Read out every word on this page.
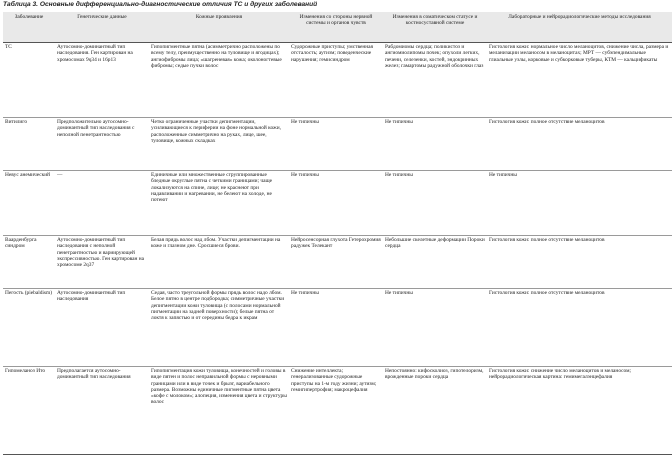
Таблица 3. Основные дифференциально-диагностические отличия ТС и других заболеваний
Заболевание	Генетические данные	Кожные проявления	Изменения со стороны нервной системы и органов чувств	Изменения в соматическом статусе и костносуставной системе	Лабораторные и нейрорадиологические методы исследования
ТС	Аутосомно-доминантный тип наследования. Ген картирован на хромосомах 9q34 и 16p13	Гипопигментные пятна (асимметрично расположены по всему телу, преимущественно на туловище и ягодицах); ангиофибромы лица; «шагреневая» кожа; околоногтевые фибромы; седые пучки волос	Судорожные приступы; умственная отсталость; аутизм; поведенческие нарушения; гемисиндром	Рабдомиомы сердца; поликистоз и ангиомиолипомы почек; опухоли легких, печени, селезенки, костей, эндокринных желез; гамартомы радужной оболочки глаз	Гистология кожи: нормальное число меланоцитов, снижение числа, размера и меланизации меланосом в меланоцитах; МРТ — субэпендимальные глиальные узлы, корковые и субкорковые туберы, КТМ — кальцификаты
Витилиго	Предположительно аутосомно-доминантный тип наследования с неполной пенетрантностью	Четко ограниченные участки депигментации, усиливающиеся к периферии на фоне нормальной кожи, расположенные симметрично на руках, лице, шее, туловище, кожных складках	Не типичны	Не типичны	Гистология кожи: полное отсутствие меланоцитов
Невус анемический	—	Единичные или множественные сгруппированные бледные округлые пятна с четкими границами; чаще локализуются на спине, лице; не краснеют при надавливании и нагревании, не белеют на холоде, не потеют	Не типичны	Не типичны	Не типичны
Ваарденбурга синдром	Аутосомно-доминантный тип наследования с неполной пенетрантностью и вариирующей экспрессивностью. Ген картирован на хромосоме 2q37	Белая прядь волос над лбом. Участки депигментации на коже и глазном дне. Сросшиеся брови.	Нейросенсорная глухота Гетерохромия радужек Телекант	Небольшие скелетные деформации Пороки сердца	Гистология кожи: полное отсутствие меланоцитов
Пегость (piebaldism)	Аутосомно-доминантный тип наследования	Седая, часто треугольной формы прядь волос надо лбом. Белое пятно в центре подбородка; симметричные участки депигментации кожи туловища (с полосами нормальной пигментации на задней поверхности); белые пятна от локтя к запястью и от середины бедра к икрам	Не типичны	Не типичны	Гистология кожи: полное отсутствие меланоцитов
Гипомеланоз Ито	Предполагается аутосомно-доминантный тип наследования	Гипопигментация кожи туловища, конечностей и головы в виде пятен и полос неправильной формы с неровными границами или в виде точек и брызг, вариабельного размера. Возможны единичные пигментные пятна цвета «кофе с молоком»; алопеция, изменения цвета и структуры волос	Снижение интеллекта; генерализованные судорожные приступы на 1-м году жизни; аутизм; гемигипертрофия; макроцефалия	Непостоянно: кифосколиоз, гипотелоризм, врожденные пороки сердца	Гистология кожи: снижение число меланоцитов и меланосом; нейрорадиологическая картина: гемимегалэнцефалия
